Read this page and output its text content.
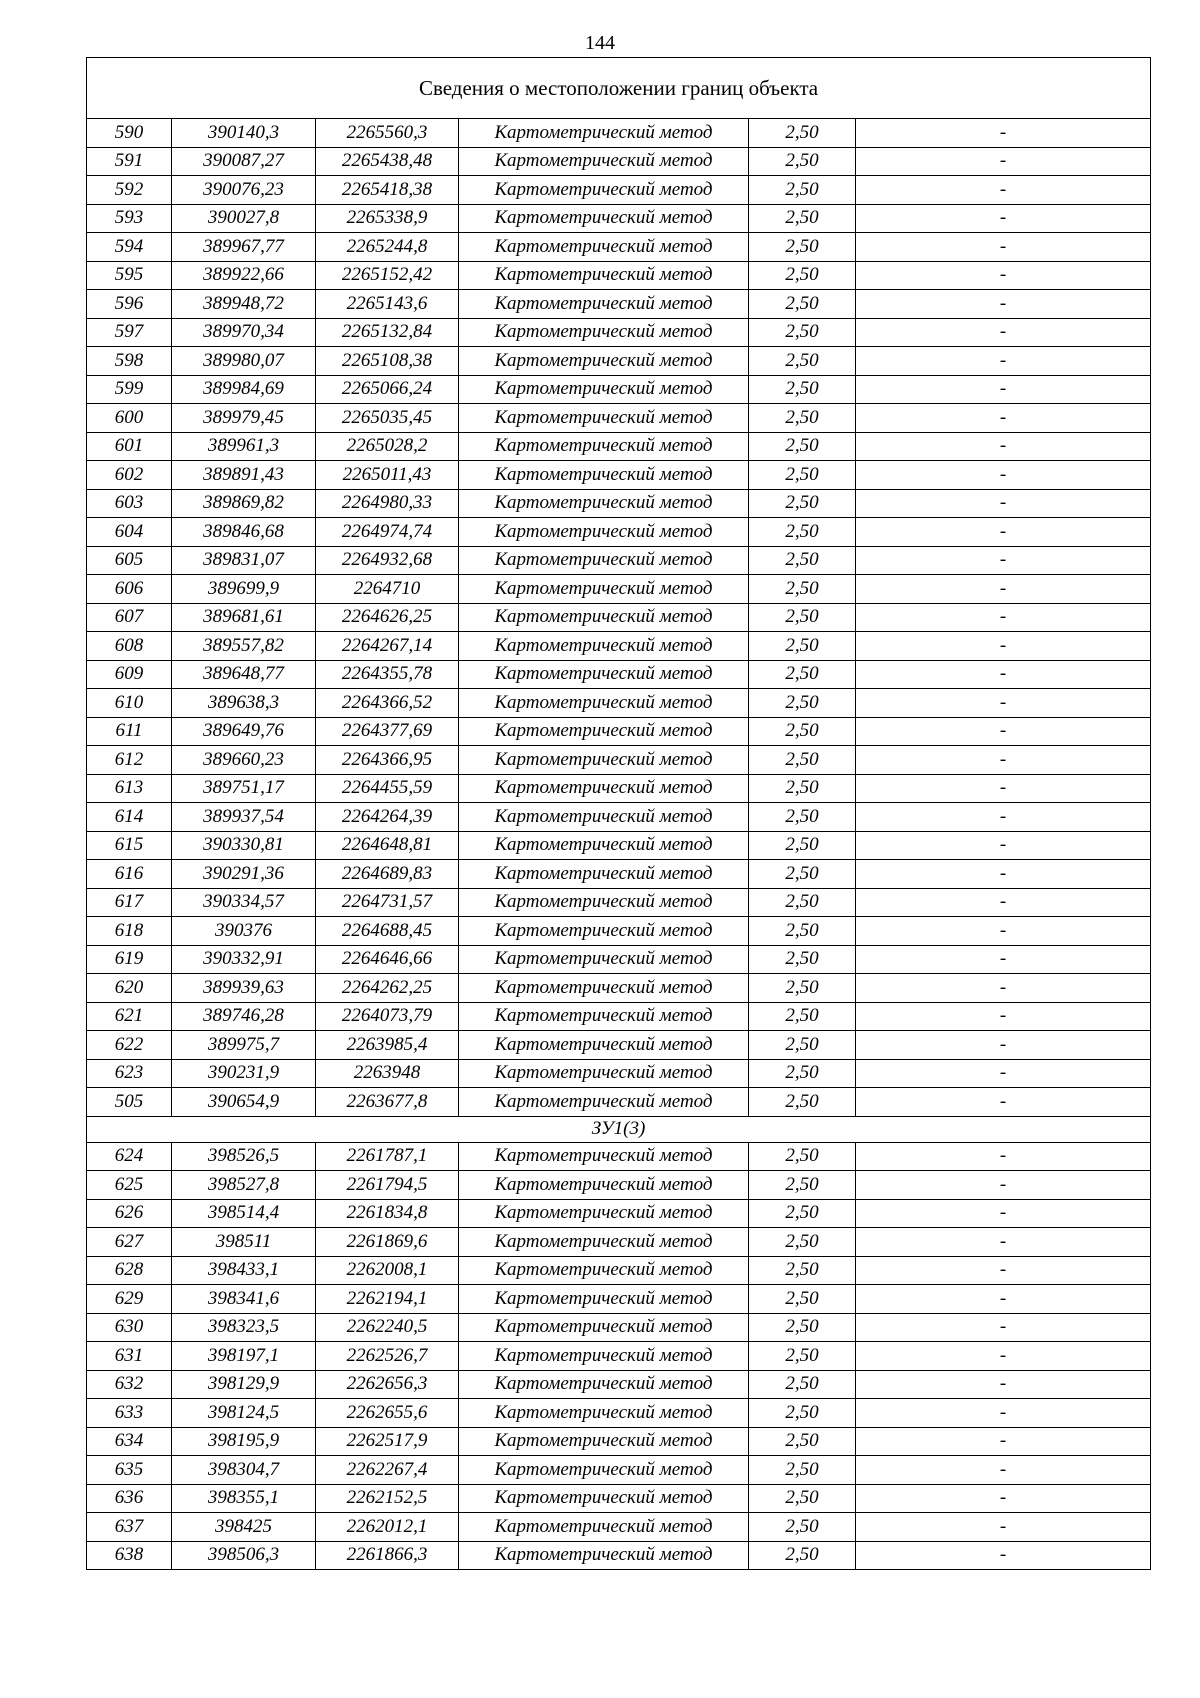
144
Сведения о местоположении границ объекта					
590	390140,3	2265560,3	Картометрический метод	2,50	-
591	390087,27	2265438,48	Картометрический метод	2,50	-
592	390076,23	2265418,38	Картометрический метод	2,50	-
593	390027,8	2265338,9	Картометрический метод	2,50	-
594	389967,77	2265244,8	Картометрический метод	2,50	-
595	389922,66	2265152,42	Картометрический метод	2,50	-
596	389948,72	2265143,6	Картометрический метод	2,50	-
597	389970,34	2265132,84	Картометрический метод	2,50	-
598	389980,07	2265108,38	Картометрический метод	2,50	-
599	389984,69	2265066,24	Картометрический метод	2,50	-
600	389979,45	2265035,45	Картометрический метод	2,50	-
601	389961,3	2265028,2	Картометрический метод	2,50	-
602	389891,43	2265011,43	Картометрический метод	2,50	-
603	389869,82	2264980,33	Картометрический метод	2,50	-
604	389846,68	2264974,74	Картометрический метод	2,50	-
605	389831,07	2264932,68	Картометрический метод	2,50	-
606	389699,9	2264710	Картометрический метод	2,50	-
607	389681,61	2264626,25	Картометрический метод	2,50	-
608	389557,82	2264267,14	Картометрический метод	2,50	-
609	389648,77	2264355,78	Картометрический метод	2,50	-
610	389638,3	2264366,52	Картометрический метод	2,50	-
611	389649,76	2264377,69	Картометрический метод	2,50	-
612	389660,23	2264366,95	Картометрический метод	2,50	-
613	389751,17	2264455,59	Картометрический метод	2,50	-
614	389937,54	2264264,39	Картометрический метод	2,50	-
615	390330,81	2264648,81	Картометрический метод	2,50	-
616	390291,36	2264689,83	Картометрический метод	2,50	-
617	390334,57	2264731,57	Картометрический метод	2,50	-
618	390376	2264688,45	Картометрический метод	2,50	-
619	390332,91	2264646,66	Картометрический метод	2,50	-
620	389939,63	2264262,25	Картометрический метод	2,50	-
621	389746,28	2264073,79	Картометрический метод	2,50	-
622	389975,7	2263985,4	Картометрический метод	2,50	-
623	390231,9	2263948	Картометрический метод	2,50	-
505	390654,9	2263677,8	Картометрический метод	2,50	-
ЗУ1(3)					
624	398526,5	2261787,1	Картометрический метод	2,50	-
625	398527,8	2261794,5	Картометрический метод	2,50	-
626	398514,4	2261834,8	Картометрический метод	2,50	-
627	398511	2261869,6	Картометрический метод	2,50	-
628	398433,1	2262008,1	Картометрический метод	2,50	-
629	398341,6	2262194,1	Картометрический метод	2,50	-
630	398323,5	2262240,5	Картометрический метод	2,50	-
631	398197,1	2262526,7	Картометрический метод	2,50	-
632	398129,9	2262656,3	Картометрический метод	2,50	-
633	398124,5	2262655,6	Картометрический метод	2,50	-
634	398195,9	2262517,9	Картометрический метод	2,50	-
635	398304,7	2262267,4	Картометрический метод	2,50	-
636	398355,1	2262152,5	Картометрический метод	2,50	-
637	398425	2262012,1	Картометрический метод	2,50	-
638	398506,3	2261866,3	Картометрический метод	2,50	-
